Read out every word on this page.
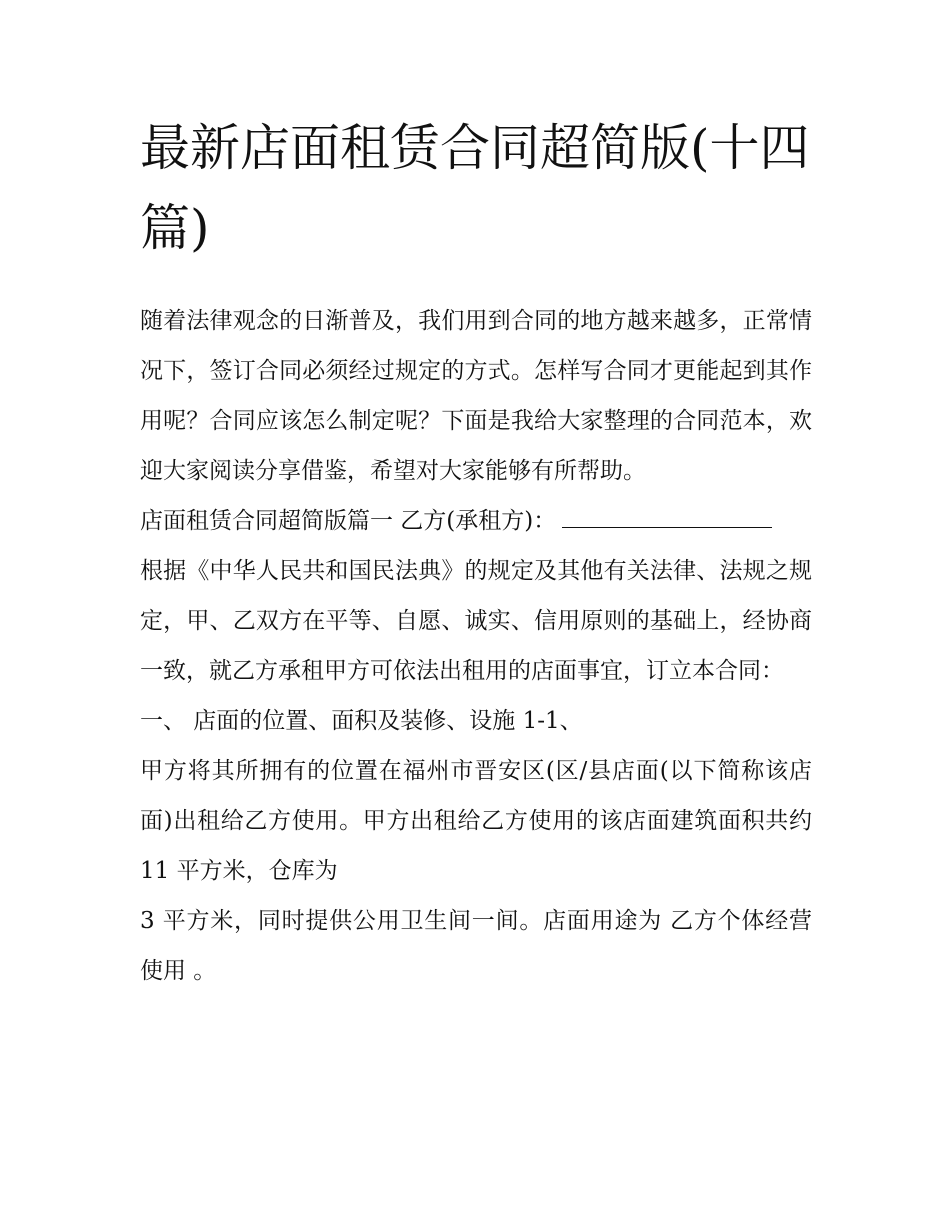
最新店面租赁合同超简版(十四篇)

随着法律观念的日渐普及，我们用到合同的地方越来越多，正常情况下，签订合同必须经过规定的方式。怎样写合同才更能起到其作用呢？合同应该怎么制定呢？下面是我给大家整理的合同范本，欢迎大家阅读分享借鉴，希望对大家能够有所帮助。

店面租赁合同超简版篇一 乙方(承租方)：

根据《中华人民共和国民法典》的规定及其他有关法律、法规之规定，甲、乙双方在平等、自愿、诚实、信用原则的基础上，经协商一致，就乙方承租甲方可依法出租用的店面事宜，订立本合同：

一、 店面的位置、面积及装修、设施 1-1、

甲方将其所拥有的位置在福州市晋安区(区/县店面(以下简称该店面)出租给乙方使用。甲方出租给乙方使用的该店面建筑面积共约 11 平方米，仓库为

3 平方米，同时提供公用卫生间一间。店面用途为 乙方个体经营使用 。
